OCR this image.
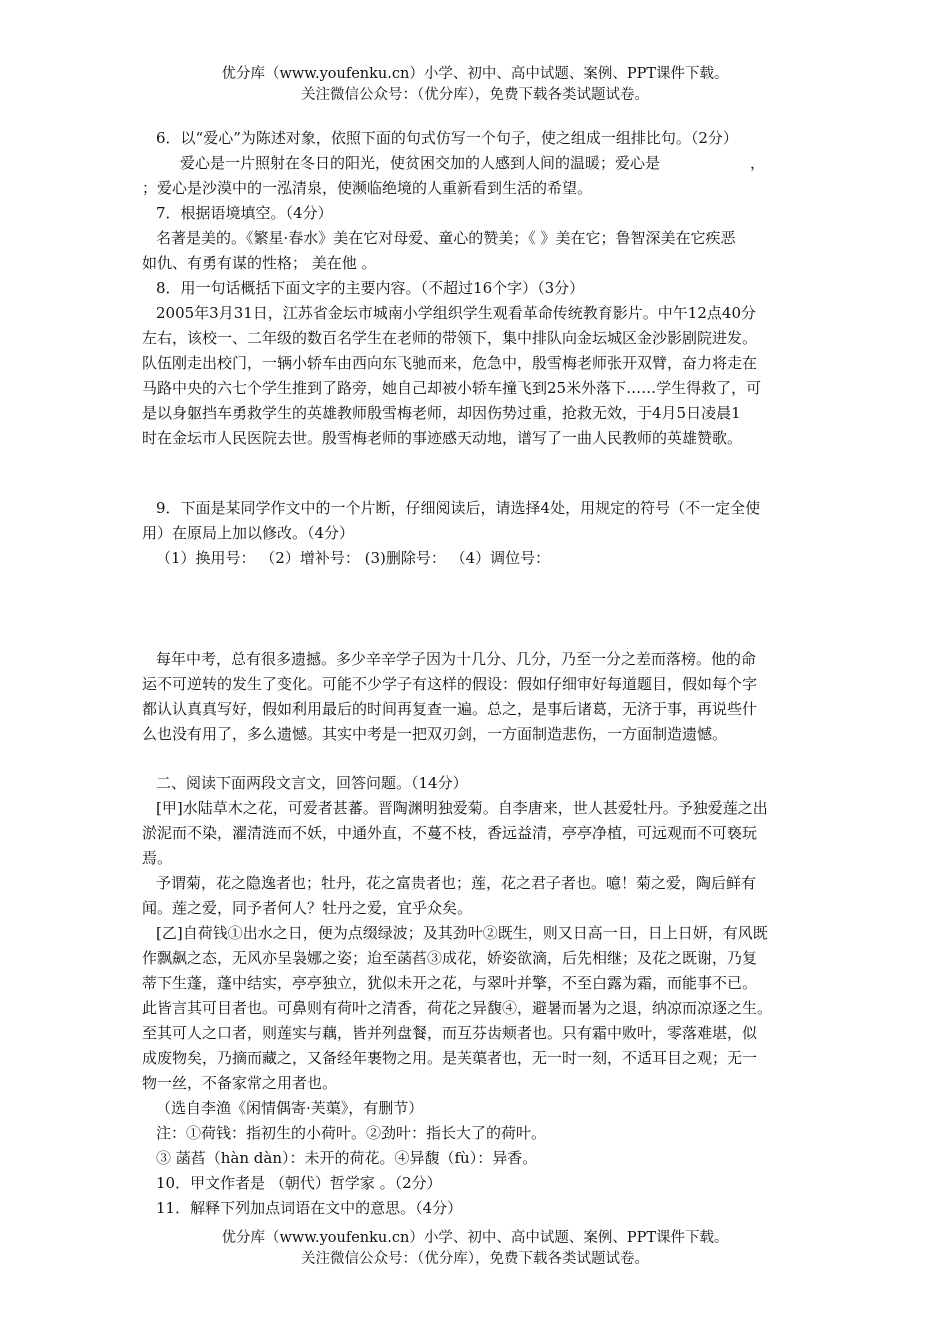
优分库（www.youfenku.cn）小学、初中、高中试题、案例、PPT课件下载。
关注微信公众号：（优分库），免费下载各类试题试卷。

6．以“爱心”为陈述对象，依照下面的句式仿写一个句子，使之组成一组排比句。（2分）

爱心是一片照射在冬日的阳光，使贫困交加的人感到人间的温暖；爱心是	，

；爱心是沙漠中的一泓清泉，使濒临绝境的人重新看到生活的希望。

7．根据语境填空。（4分）

名著是美的。《繁星·春水》美在它对母爱、童心的赞美；《 》美在它；鲁智深美在它疾恶

如仇、有勇有谋的性格； 美在他 。

8．用一句话概括下面文字的主要内容。（不超过16个字）（3分）

2005年3月31日，江苏省金坛市城南小学组织学生观看革命传统教育影片。中午12点40分

左右，该校一、二年级的数百名学生在老师的带领下，集中排队向金坛城区金沙影剧院进发。

队伍刚走出校门，一辆小轿车由西向东飞驰而来，危急中，殷雪梅老师张开双臂，奋力将走在

马路中央的六七个学生推到了路旁，她自己却被小轿车撞飞到25米外落下……学生得救了，可

是以身躯挡车勇救学生的英雄教师殷雪梅老师，却因伤势过重，抢救无效，于4月5日凌晨1

时在金坛市人民医院去世。殷雪梅老师的事迹感天动地，谱写了一曲人民教师的英雄赞歌。

9．下面是某同学作文中的一个片断，仔细阅读后，请选择4处，用规定的符号（不一定全使

用）在原局上加以修改。（4分）

（1）换用号： （2）增补号： (3)删除号： （4）调位号：

每年中考，总有很多遗撼。多少辛辛学子因为十几分、几分，乃至一分之差而落榜。他的命

运不可逆转的发生了变化。可能不少学子有这样的假设：假如仔细审好每道题目，假如每个字

都认认真真写好，假如利用最后的时间再复查一遍。总之，是事后诸葛，无济于事，再说些什

么也没有用了，多么遗憾。其实中考是一把双刃剑，一方面制造悲伤，一方面制造遗憾。

二、阅读下面两段文言文，回答问题。（14分）

[甲]水陆草木之花，可爱者甚蕃。晋陶渊明独爱菊。自李唐来，世人甚爱牡丹。予独爱莲之出

淤泥而不染，濯清涟而不妖，中通外直，不蔓不枝，香远益清，亭亭净植，可远观而不可亵玩

焉。

予谓菊，花之隐逸者也；牡丹，花之富贵者也；莲，花之君子者也。噫！菊之爱，陶后鲜有

闻。莲之爱，同予者何人？牡丹之爱，宜乎众矣。

[乙]自荷钱①出水之日，便为点缀绿波；及其劲叶②既生，则又日高一日，日上日妍，有风既

作飘飙之态，无风亦呈袅娜之姿；迨至菡萏③成花，娇姿欲滴，后先相继；及花之既谢，乃复

蒂下生蓬，蓬中结实，亭亭独立，犹似未开之花，与翠叶并擎，不至白露为霜，而能事不已。

此皆言其可目者也。可鼻则有荷叶之清香，荷花之异馥④，避暑而暑为之退，纳凉而凉逐之生。

至其可人之口者，则莲实与藕，皆并列盘餐，而互芬齿颊者也。只有霜中败叶，零落难堪，似

成废物矣，乃摘而藏之，又备经年裹物之用。是芙蕖者也，无一时一刻，不适耳目之观；无一

物一丝，不备家常之用者也。

（选自李渔《闲情偶寄·芙蕖》，有删节）

注：①荷钱：指初生的小荷叶。②劲叶：指长大了的荷叶。

③ 菡萏（hàn dàn）：未开的荷花。④异馥（fù）：异香。

10．甲文作者是 （朝代）哲学家 。（2分）

11．解释下列加点词语在文中的意思。（4分）

优分库（www.youfenku.cn）小学、初中、高中试题、案例、PPT课件下载。
关注微信公众号：（优分库），免费下载各类试题试卷。
